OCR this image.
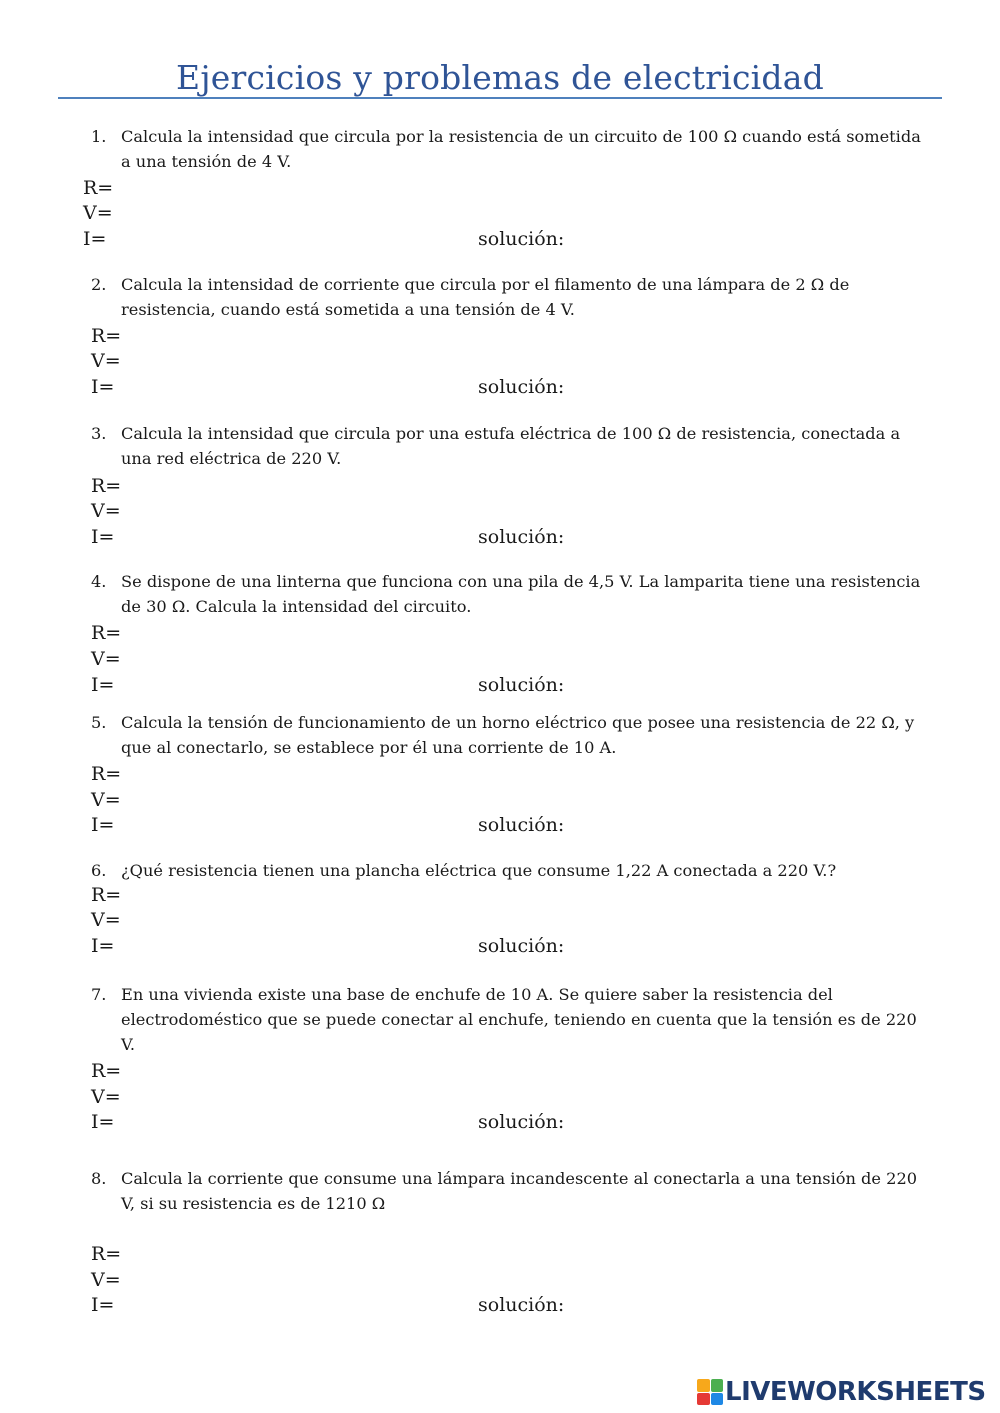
Ejercicios y problemas de electricidad
1. Calcula la intensidad que circula por la resistencia de un circuito de 100 Ω cuando está sometida a una tensión de 4 V.
R=
V=
I=	solución:
2. Calcula la intensidad de corriente que circula por el filamento de una lámpara de 2 Ω de resistencia, cuando está sometida a una tensión de 4 V.
R=
V=
I=	solución:
3. Calcula la intensidad que circula por una estufa eléctrica de 100 Ω de resistencia, conectada a una red eléctrica de 220 V.
R=
V=
I=	solución:
4. Se dispone de una linterna que funciona con una pila de 4,5 V. La lamparita tiene una resistencia de 30 Ω. Calcula la intensidad del circuito.
R=
V=
I=	solución:
5. Calcula la tensión de funcionamiento de un horno eléctrico que posee una resistencia de 22 Ω, y que al conectarlo, se establece por él una corriente de 10 A.
R=
V=
I=	solución:
6. ¿Qué resistencia tienen una plancha eléctrica que consume 1,22 A conectada a 220 V.?
R=
V=
I=	solución:
7. En una vivienda existe una base de enchufe de 10 A. Se quiere saber la resistencia del electrodoméstico que se puede conectar al enchufe, teniendo en cuenta que la tensión es de 220 V.
R=
V=
I=	solución:
8. Calcula la corriente que consume una lámpara incandescente al conectarla a una tensión de 220 V, si su resistencia es de 1210 Ω
R=
V=
I=	solución:
LIVEWORKSHEETS
